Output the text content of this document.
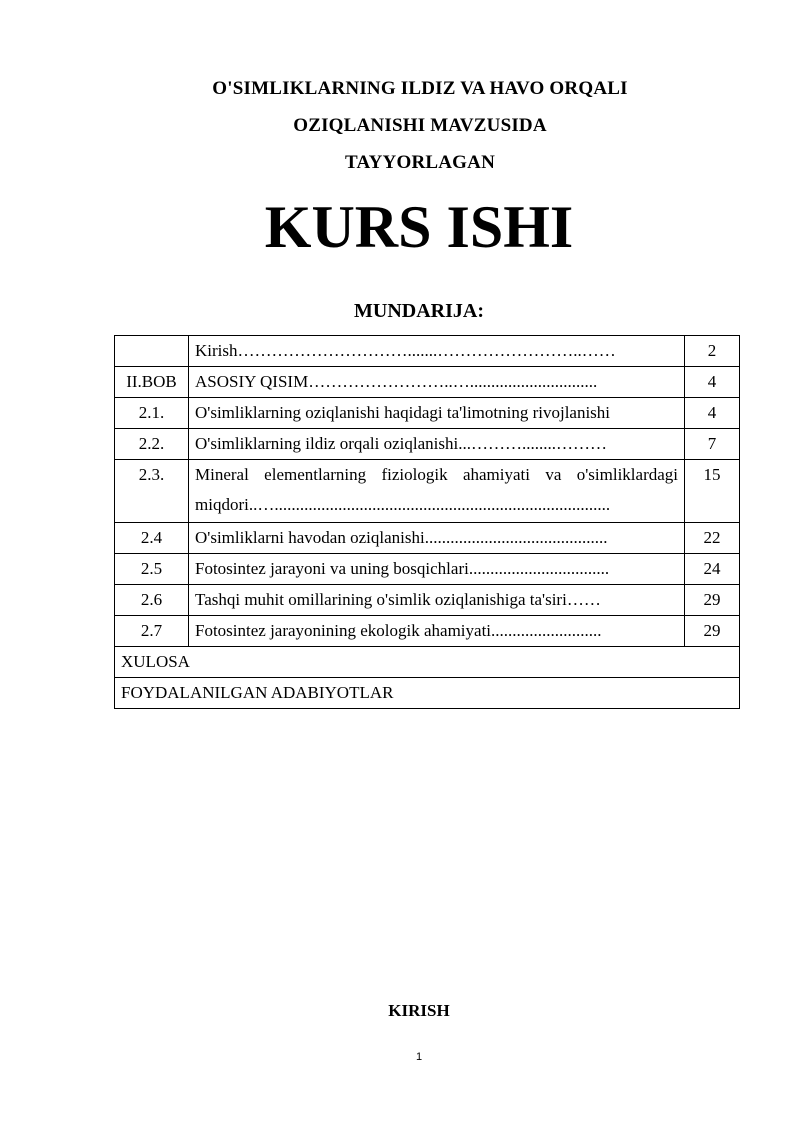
O'SIMLIKLARNING ILDIZ VA HAVO ORQALI
OZIQLANISHI MAVZUSIDA
TAYYORLAGAN
KURS ISHI
MUNDARIJA:
	Kirish………………………….......……………………..……	2
II.BOB	ASOSIY QISIM……………………..…..............................	4
2.1.	O'simliklarning oziqlanishi haqidagi ta'limotning rivojlanishi	4
2.2.	O'simliklarning ildiz orqali oziqlanishi...………........………	7
2.3.	Mineral elementlarning fiziologik ahamiyati va o'simliklardagi miqdori..…...............................................................................	15
2.4	O'simliklarni havodan oziqlanishi...........................................	22
2.5	Fotosintez jarayoni va uning bosqichlari.................................	24
2.6	Tashqi muhit omillarining o'simlik oziqlanishiga ta'siri……	29
2.7	Fotosintez jarayonining ekologik ahamiyati..........................	29
XULOSA		
FOYDALANILGAN ADABIYOTLAR		
KIRISH
1
